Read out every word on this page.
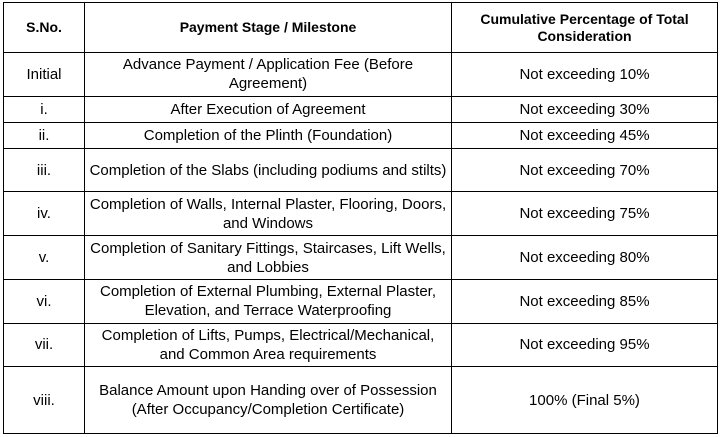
S.No.	Payment Stage / Milestone	Cumulative Percentage of Total Consideration
Initial	Advance Payment / Application Fee (Before Agreement)	Not exceeding 10%
i.	After Execution of Agreement	Not exceeding 30%
ii.	Completion of the Plinth (Foundation)	Not exceeding 45%
iii.	Completion of the Slabs (including podiums and stilts)	Not exceeding 70%
iv.	Completion of Walls, Internal Plaster, Flooring, Doors, and Windows	Not exceeding 75%
v.	Completion of Sanitary Fittings, Staircases, Lift Wells, and Lobbies	Not exceeding 80%
vi.	Completion of External Plumbing, External Plaster, Elevation, and Terrace Waterproofing	Not exceeding 85%
vii.	Completion of Lifts, Pumps, Electrical/Mechanical, and Common Area requirements	Not exceeding 95%
viii.	Balance Amount upon Handing over of Possession (After Occupancy/Completion Certificate)	100% (Final 5%)
